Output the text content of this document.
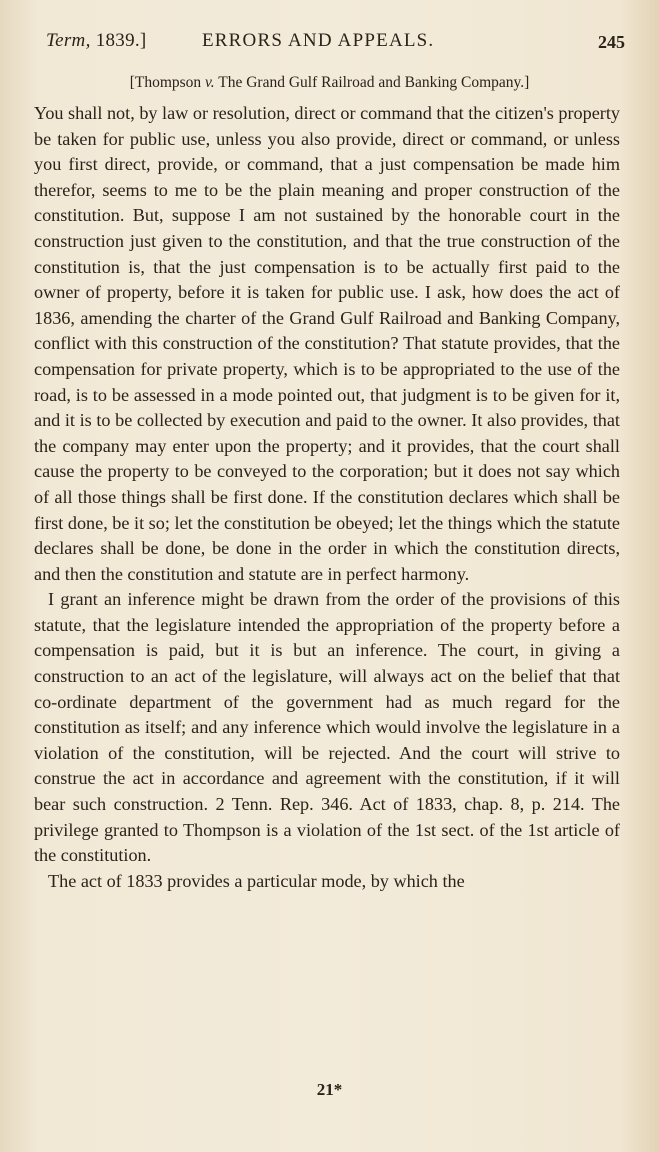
Term, 1839.]	ERRORS AND APPEALS.	245
[Thompson v. The Grand Gulf Railroad and Banking Company.]

You shall not, by law or resolution, direct or command that the citizen's property be taken for public use, unless you also provide, direct or command, or unless you first direct, provide, or command, that a just compensation be made him therefor, seems to me to be the plain meaning and proper construction of the constitution. But, suppose I am not sustained by the honorable court in the construction just given to the constitution, and that the true construction of the constitution is, that the just compensation is to be actually first paid to the owner of property, before it is taken for public use. I ask, how does the act of 1836, amending the charter of the Grand Gulf Railroad and Banking Company, conflict with this construction of the constitution? That statute provides, that the compensation for private property, which is to be appropriated to the use of the road, is to be assessed in a mode pointed out, that judgment is to be given for it, and it is to be collected by execution and paid to the owner. It also provides, that the company may enter upon the property; and it provides, that the court shall cause the property to be conveyed to the corporation; but it does not say which of all those things shall be first done. If the constitution declares which shall be first done, be it so; let the constitution be obeyed; let the things which the statute declares shall be done, be done in the order in which the constitution directs, and then the constitution and statute are in perfect harmony.

I grant an inference might be drawn from the order of the provisions of this statute, that the legislature intended the appropriation of the property before a compensation is paid, but it is but an inference. The court, in giving a construction to an act of the legislature, will always act on the belief that that co-ordinate department of the government had as much regard for the constitution as itself; and any inference which would involve the legislature in a violation of the constitution, will be rejected. And the court will strive to construe the act in accordance and agreement with the constitution, if it will bear such construction. 2 Tenn. Rep. 346. Act of 1833, chap. 8, p. 214. The privilege granted to Thompson is a violation of the 1st sect. of the 1st article of the constitution.

The act of 1833 provides a particular mode, by which the

21*
